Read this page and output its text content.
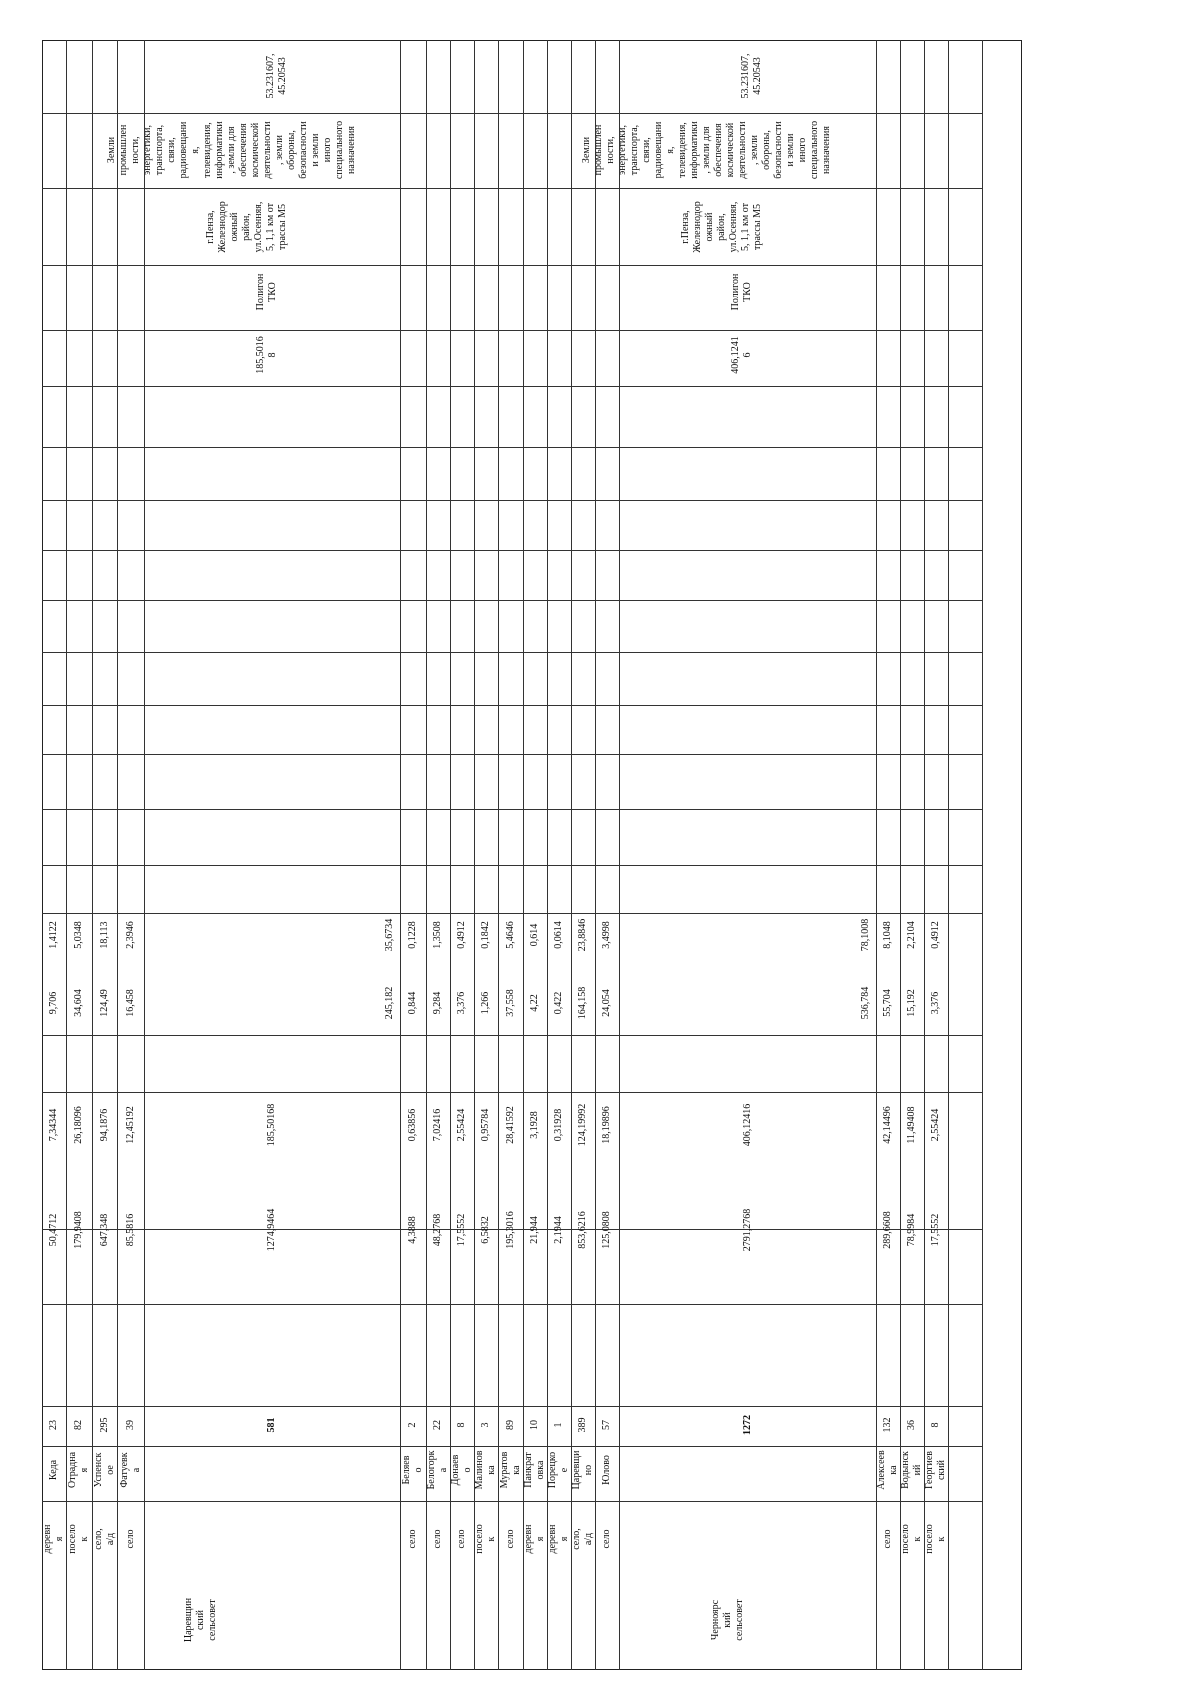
деревн
я
Кеда
23
50,4712
7,34344
9,706
1,4122
поселo
к
Отрадна
я
82
179,9408
26,18096
34,604
5,0348
село,
а/д
Успенск
ое
295
647,348
94,1876
124,49
18,113
село
Фатуевк
а
39
85,5816
12,45192
16,458
2,3946
581
1274,9464
185,50168
245,182
35,6734
село
Беляев
о
2
4,3888
0,63856
0,844
0,1228
село
Белогорк
а
22
48,2768
7,02416
9,284
1,3508
село
Донаев
о
8
17,5552
2,55424
3,376
0,4912
поселo
к
Малинов
ка
3
6,5832
0,95784
1,266
0,1842
село
Муратов
ка
89
195,3016
28,41592
37,558
5,4646
деревн
я
Панкрат
овка
10
21,944
3,1928
4,22
0,614
деревн
я
Порецко
е
1
2,1944
0,31928
0,422
0,0614
село,
а/д
Царевщи
но
389
853,6216
124,19992
164,158
23,8846
село
Юлово
57
125,0808
18,19896
24,054
3,4998
1272
2791,2768
406,12416
536,784
78,1008
село
Алексеев
ка
132
289,6608
42,14496
55,704
8,1048
поселo
к
Водынск
ий
36
78,9984
11,49408
15,192
2,2104
поселo
к
Георгиев
ский
8
17,5552
2,55424
3,376
0,4912
Царевщин
ский
сельсовет	Черноярс
кий
сельсовет
185,5016
8
Полигон
ТКО
г.Пенза,
Железнодор
ожный
район,
ул.Осенняя,
5, 1,1 км от
трассы М5
Земли
промышлен
ности,
энергетики,
транспорта,
связи,
радиовещани
я,
телевидения,
информатики
, земли для
обеспечения
космической
деятельности
, земли
обороны,
безопасности
и земли
иного
специального
назначения
53.231607,
45.20543
406,1241
6
Полигон
ТКО
г.Пенза,
Железнодор
ожный
район,
ул.Осенняя,
5, 1,1 км от
трассы М5
Земли
промышлен
ности,
энергетики,
транспорта,
связи,
радиовещани
я,
телевидения,
информатики
, земли для
обеспечения
космической
деятельности
, земли
обороны,
безопасности
и земли
иного
специального
назначения
53.231607,
45.20543
